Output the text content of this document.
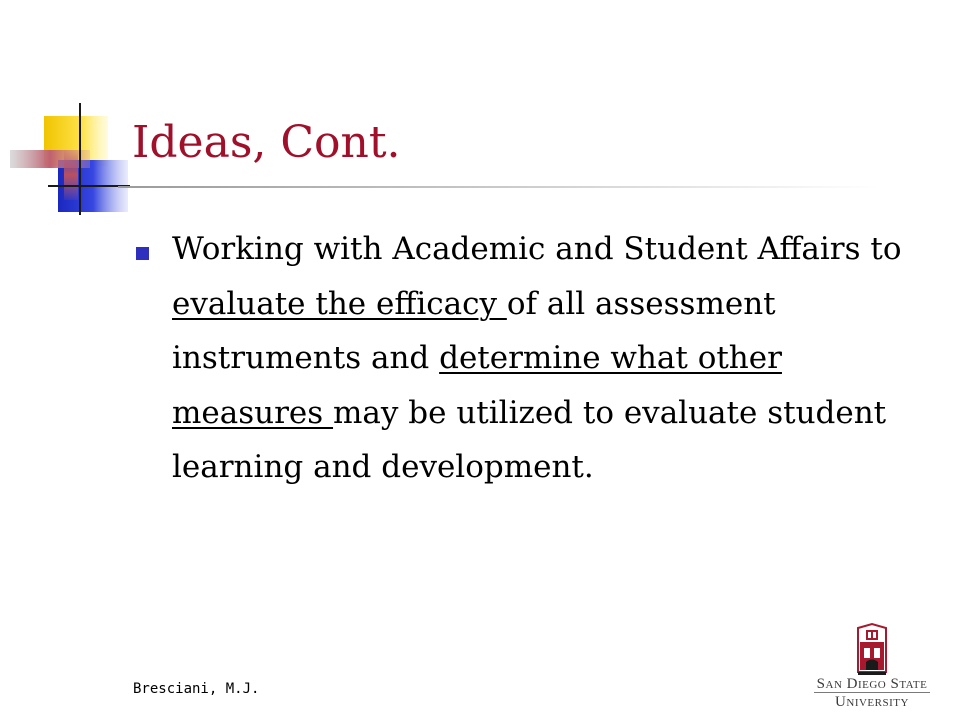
Ideas, Cont.

Working with Academic and Student Affairs to evaluate the efficacy of all assessment instruments and determine what other measures may be utilized to evaluate student learning and development.

Bresciani, M.J.	San Diego State
University
